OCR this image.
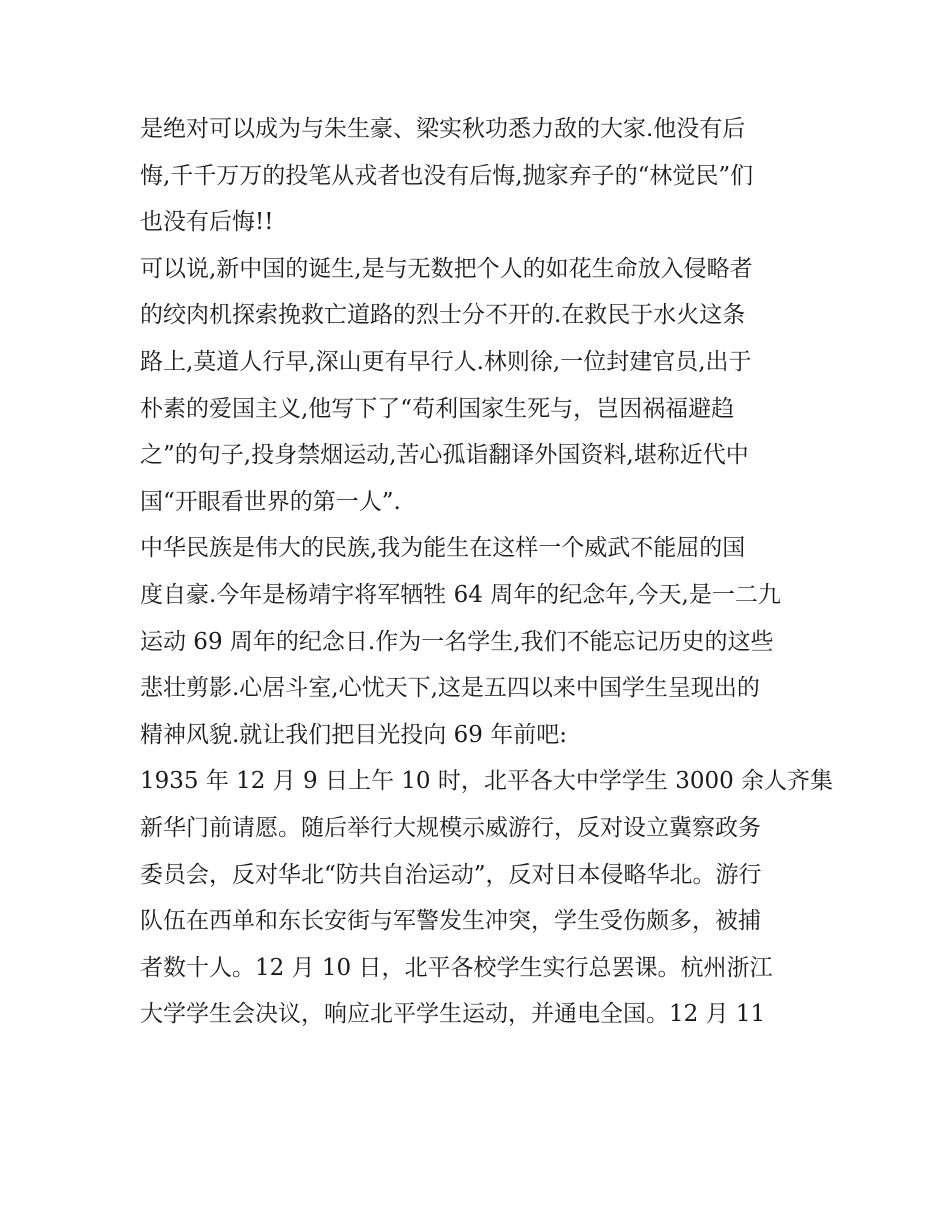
是绝对可以成为与朱生豪、梁实秋功悉力敌的大家.他没有后
悔,千千万万的投笔从戎者也没有后悔,抛家弃子的“林觉民”们
也没有后悔!!
可以说,新中国的诞生,是与无数把个人的如花生命放入侵略者
的绞肉机探索挽救亡道路的烈士分不开的.在救民于水火这条
路上,莫道人行早,深山更有早行人.林则徐,一位封建官员,出于
朴素的爱国主义,他写下了“苟利国家生死与，岂因祸福避趋
之”的句子,投身禁烟运动,苦心孤诣翻译外国资料,堪称近代中
国“开眼看世界的第一人”.
中华民族是伟大的民族,我为能生在这样一个威武不能屈的国
度自豪.今年是杨靖宇将军牺牲 64 周年的纪念年,今天,是一二九
运动 69 周年的纪念日.作为一名学生,我们不能忘记历史的这些
悲壮剪影.心居斗室,心忧天下,这是五四以来中国学生呈现出的
精神风貌.就让我们把目光投向 69 年前吧:
1935 年 12 月 9 日上午 10 时，北平各大中学学生 3000 余人齐集
新华门前请愿。随后举行大规模示威游行，反对设立冀察政务
委员会，反对华北“防共自治运动”，反对日本侵略华北。游行
队伍在西单和东长安街与军警发生冲突，学生受伤颇多，被捕
者数十人。12 月 10 日，北平各校学生实行总罢课。杭州浙江
大学学生会决议，响应北平学生运动，并通电全国。12 月 11
